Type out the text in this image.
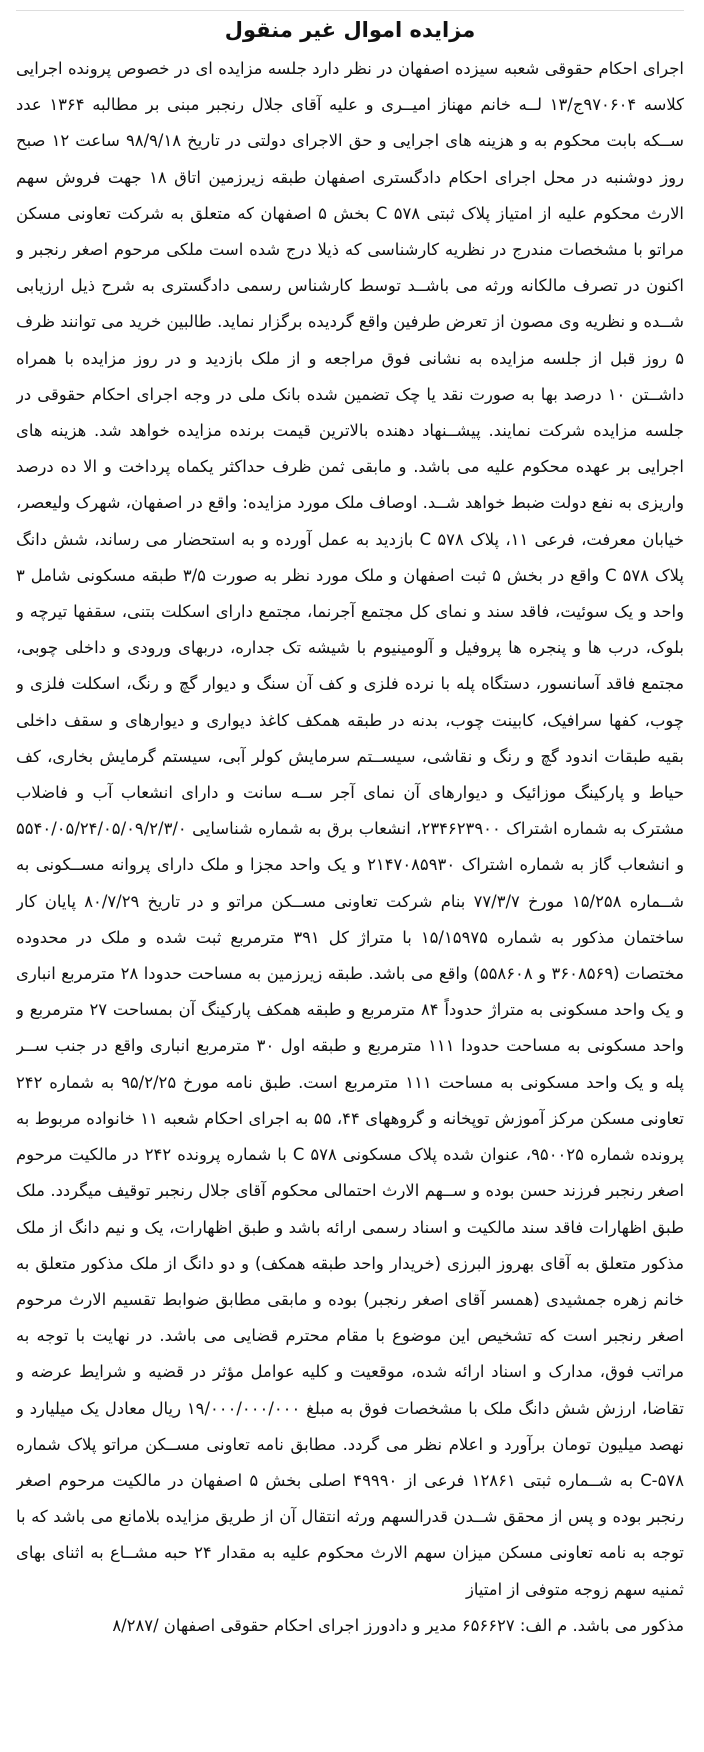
مزایده اموال غیر منقول

اجرای احکام حقوقی شعبه سیزده اصفهان در نظر دارد جلسه مزایده ای در خصوص پرونده اجرایی کلاسه ۹۷۰۶۰۴ج/۱۳ لــه خانم مهناز امیــری و علیه آقای جلال رنجبر مبنی بر مطالبه ۱۳۶۴ عدد ســکه بابت محکوم به و هزینه های اجرایی و حق الاجرای دولتی در تاریخ ۹۸/۹/۱۸ ساعت ۱۲ صبح روز دوشنبه در محل اجرای احکام دادگستری اصفهان طبقه زیرزمین اتاق ۱۸ جهت فروش سهم الارث محکوم علیه از امتیاز پلاک ثبتی ۵۷۸ C بخش ۵ اصفهان که متعلق به شرکت تعاونی مسکن مراتو با مشخصات مندرج در نظریه کارشناسی که ذیلا درج شده است ملکی مرحوم اصغر رنجبر و اکنون در تصرف مالکانه ورثه می باشــد توسط کارشناس رسمی دادگستری به شرح ذیل ارزیابی شــده و نظریه وی مصون از تعرض طرفین واقع گردیده برگزار نماید. طالبین خرید می توانند ظرف ۵ روز قبل از جلسه مزایده به نشانی فوق مراجعه و از ملک بازدید و در روز مزایده با همراه داشــتن ۱۰ درصد بها به صورت نقد یا چک تضمین شده بانک ملی در وجه اجرای احکام حقوقی در جلسه مزایده شرکت نمایند. پیشــنهاد دهنده بالاترین قیمت برنده مزایده خواهد شد. هزینه های اجرایی بر عهده محکوم علیه می باشد. و مابقی ثمن ظرف حداکثر یکماه پرداخت و الا ده درصد واریزی به نفع دولت ضبط خواهد شــد. اوصاف ملک مورد مزایده: واقع در اصفهان، شهرک ولیعصر، خیابان معرفت، فرعی ۱۱، پلاک ۵۷۸ C بازدید به عمل آورده و به استحضار می رساند، شش دانگ پلاک ۵۷۸ C واقع در بخش ۵ ثبت اصفهان و ملک مورد نظر به صورت ۳/۵ طبقه مسکونی شامل ۳ واحد و یک سوئیت، فاقد سند و نمای کل مجتمع آجرنما، مجتمع دارای اسکلت بتنی، سقفها تیرچه و بلوک، درب ها و پنجره ها پروفیل و آلومینیوم با شیشه تک جداره، دربهای ورودی و داخلی چوبی، مجتمع فاقد آسانسور، دستگاه پله با نرده فلزی و کف آن سنگ و دیوار گچ و رنگ، اسکلت فلزی و چوب، کفها سرافیک، کابینت چوب، بدنه در طبقه همکف کاغذ دیواری و دیوارهای و سقف داخلی بقیه طبقات اندود گچ و رنگ و نقاشی، سیســتم سرمایش کولر آبی، سیستم گرمایش بخاری، کف حیاط و پارکینگ موزائیک و دیوارهای آن نمای آجر ســه سانت و دارای انشعاب آب و فاضلاب مشترک به شماره اشتراک ۲۳۴۶۲۳۹۰۰، انشعاب برق به شماره شناسایی ۵۵۴۰/۰۵/۲۴/۰۵/۰۹/۲/۳/۰ و انشعاب گاز به شماره اشتراک ۲۱۴۷۰۸۵۹۳۰ و یک واحد مجزا و ملک دارای پروانه مســکونی به شــماره ۱۵/۲۵۸ مورخ ۷۷/۳/۷ بنام شرکت تعاونی مســکن مراتو و در تاریخ ۸۰/۷/۲۹ پایان کار ساختمان مذکور به شماره ۱۵/۱۵۹۷۵ با متراژ کل ۳۹۱ مترمربع ثبت شده و ملک در محدوده مختصات (۳۶۰۸۵۶۹ و ۵۵۸۶۰۸) واقع می باشد. طبقه زیرزمین به مساحت حدودا ۲۸ مترمربع انباری و یک واحد مسکونی به متراژ حدوداً ۸۴ مترمربع و طبقه همکف پارکینگ آن بمساحت ۲۷ مترمربع و واحد مسکونی به مساحت حدودا ۱۱۱ مترمربع و طبقه اول ۳۰ مترمربع انباری واقع در جنب ســر پله و یک واحد مسکونی به مساحت ۱۱۱ مترمربع است. طبق نامه مورخ ۹۵/۲/۲۵ به شماره ۲۴۲ تعاونی مسکن مرکز آموزش توپخانه و گروههای ۴۴، ۵۵ به اجرای احکام شعبه ۱۱ خانواده مربوط به پرونده شماره ۹۵۰۰۲۵، عنوان شده پلاک مسکونی ۵۷۸ C با شماره پرونده ۲۴۲ در مالکیت مرحوم اصغر رنجبر فرزند حسن بوده و ســهم الارث احتمالی محکوم آقای جلال رنجبر توقیف میگردد. ملک طبق اظهارات فاقد سند مالکیت و اسناد رسمی ارائه باشد و طبق اظهارات، یک و نیم دانگ از ملک مذکور متعلق به آقای بهروز البرزی (خریدار واحد طبقه همکف) و دو دانگ از ملک مذکور متعلق به خانم زهره جمشیدی (همسر آقای اصغر رنجبر) بوده و مابقی مطابق ضوابط تقسیم الارث مرحوم اصغر رنجبر است که تشخیص این موضوع با مقام محترم قضایی می باشد. در نهایت با توجه به مراتب فوق، مدارک و اسناد ارائه شده، موقعیت و کلیه عوامل مؤثر در قضیه و شرایط عرضه و تقاضا، ارزش شش دانگ ملک با مشخصات فوق به مبلغ ۱۹/۰۰۰/۰۰۰/۰۰۰ ریال معادل یک میلیارد و نهصد میلیون تومان برآورد و اعلام نظر می گردد. مطابق نامه تعاونی مســکن مراتو پلاک شماره ۵۷۸-C به شــماره ثبتی ۱۲۸۶۱ فرعی از ۴۹۹۹۰ اصلی بخش ۵ اصفهان در مالکیت مرحوم اصغر رنجبر بوده و پس از محقق شــدن قدرالسهم ورثه انتقال آن از طریق مزایده بلامانع می باشد که با توجه به نامه تعاونی مسکن میزان سهم الارث محکوم علیه به مقدار ۲۴ حبه مشــاع به اثنای بهای ثمنیه سهم زوجه متوفی از امتیاز

مذکور می باشد. م الف: ۶۵۶۶۲۷ مدیر و دادورز اجرای احکام حقوقی اصفهان /۸/۲۸۷
